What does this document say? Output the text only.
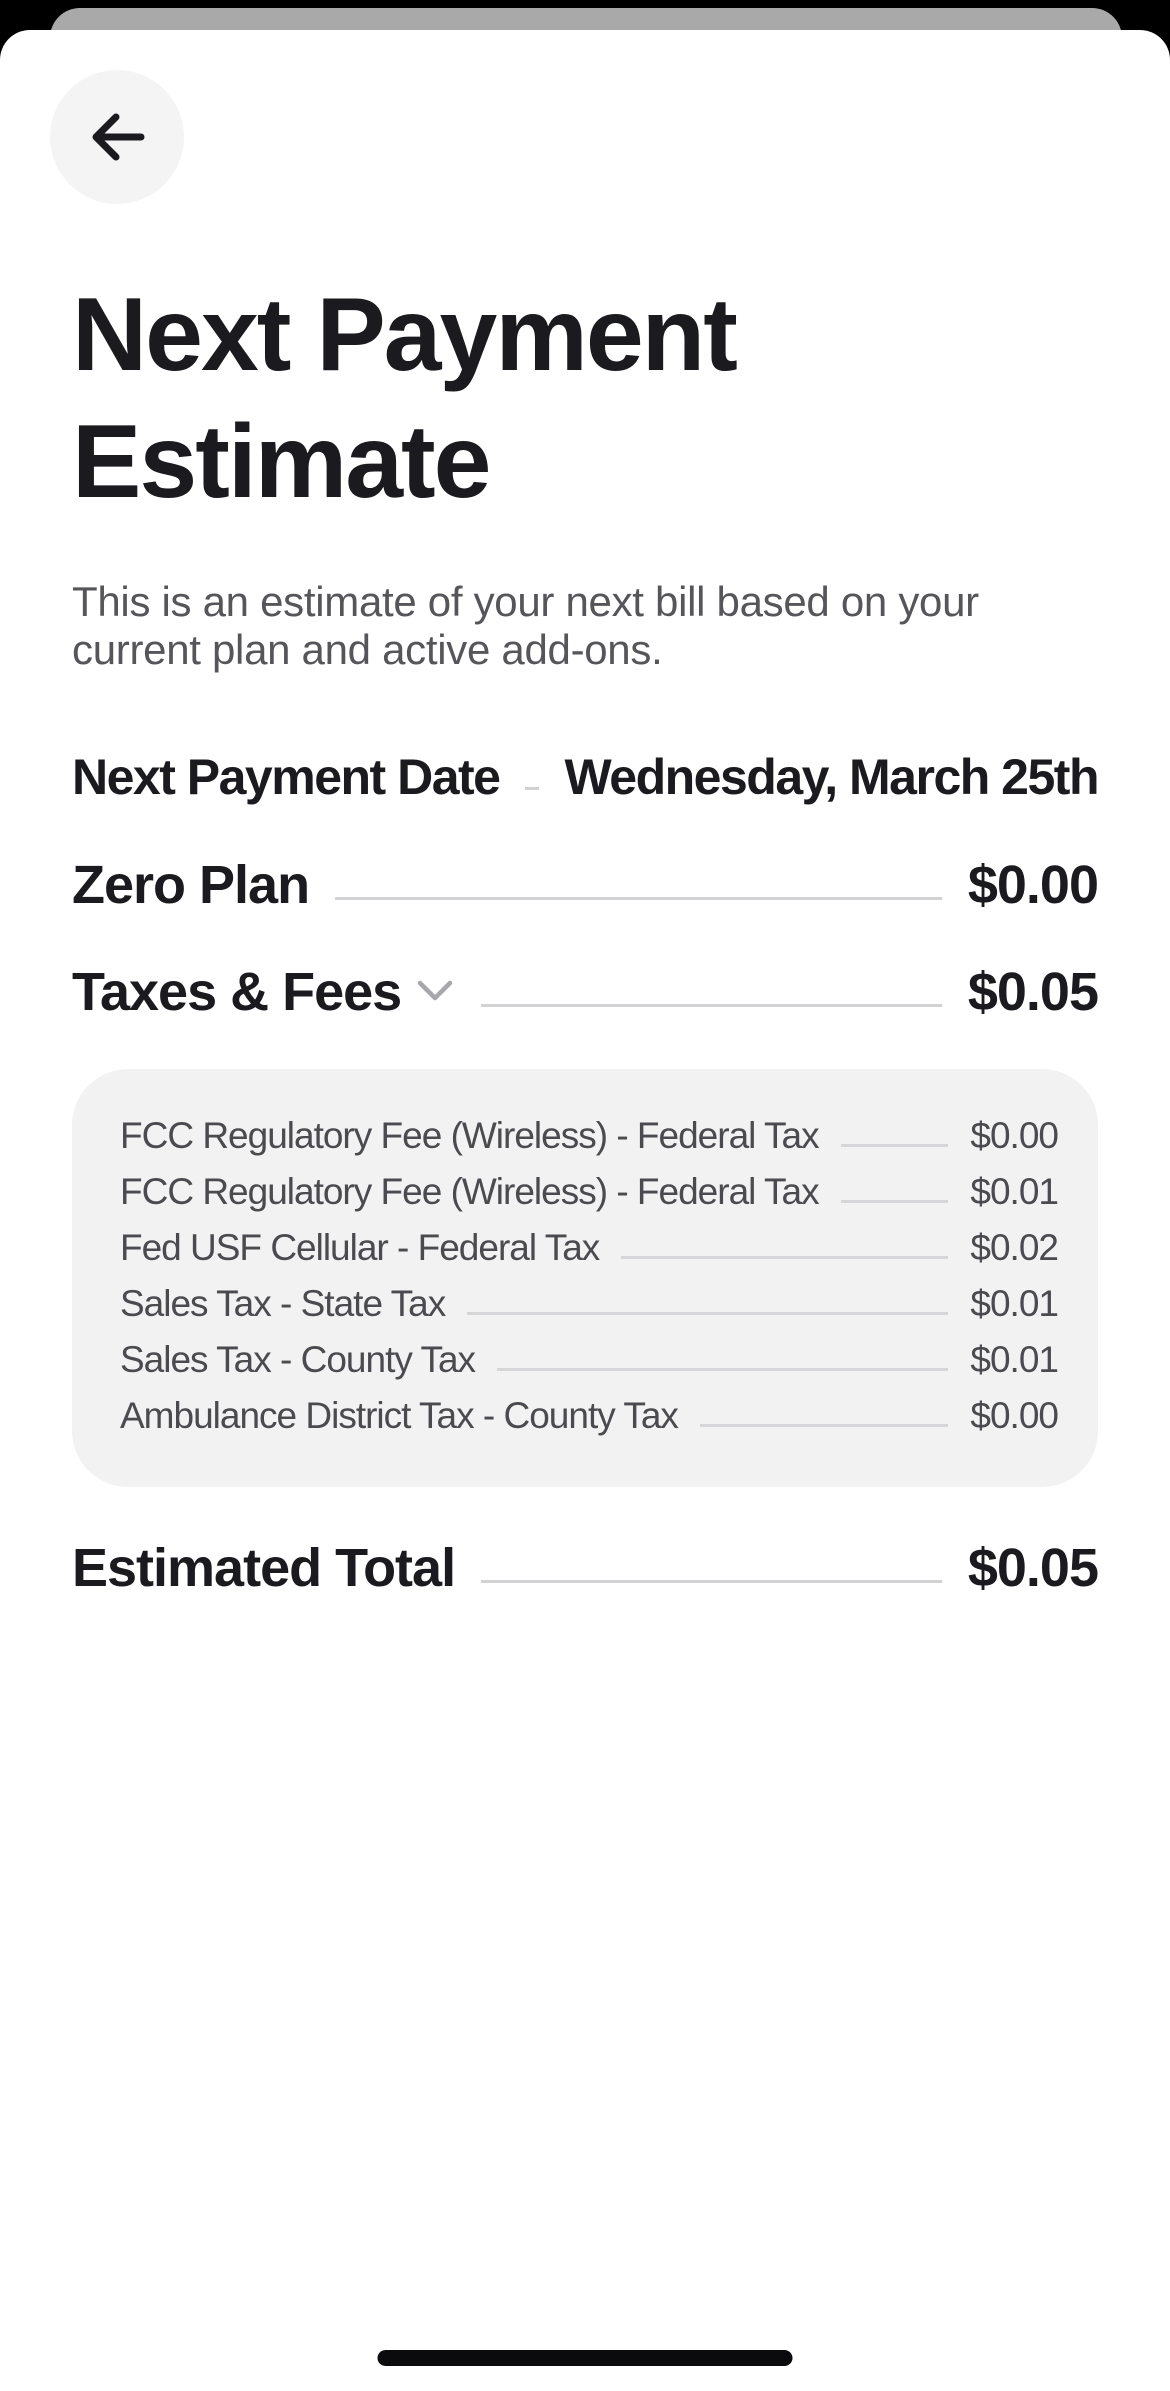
Next Payment Estimate

This is an estimate of your next bill based on your current plan and active add-ons.

Next Payment Date Wednesday, March 25th
Zero Plan	$0.00
Taxes & Fees	$0.05
FCC Regulatory Fee (Wireless) - Federal Tax	$0.00
FCC Regulatory Fee (Wireless) - Federal Tax	$0.01
Fed USF Cellular - Federal Tax	$0.02
Sales Tax - State Tax	$0.01
Sales Tax - County Tax	$0.01
Ambulance District Tax - County Tax	$0.00
Estimated Total	$0.05
